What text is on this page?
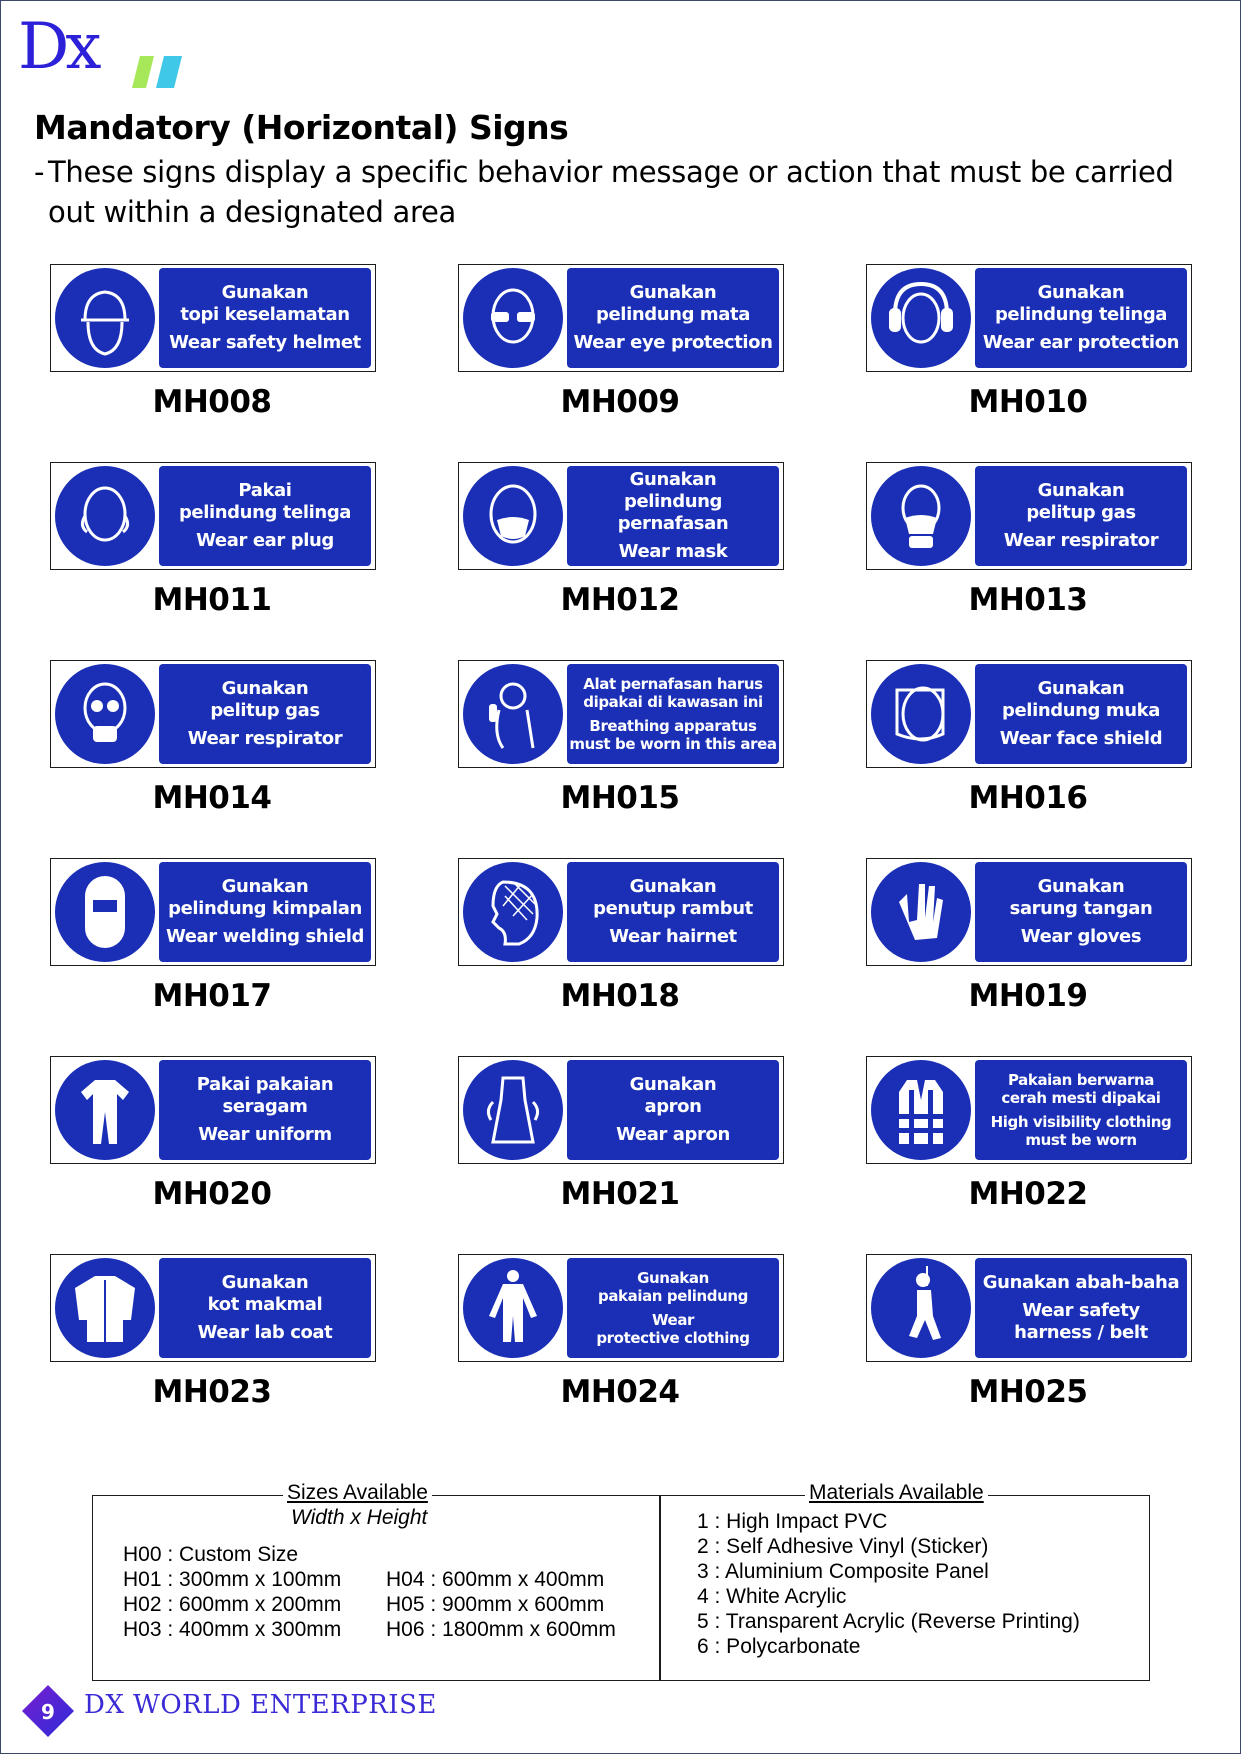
Dx
Mandatory (Horizontal) Signs
- These signs display a specific behavior message or action that must be carried out within a designated area
Gunakan
topi keselamatan
Wear safety helmet
MH008
Gunakan
pelindung mata
Wear eye protection
MH009
Gunakan
pelindung telinga
Wear ear protection
MH010
Pakai
pelindung telinga
Wear ear plug
MH011
Gunakan
pelindung pernafasan
Wear mask
MH012
Gunakan
pelitup gas
Wear respirator
MH013
Gunakan
pelitup gas
Wear respirator
MH014
Alat pernafasan harus
dipakai di kawasan ini
Breathing apparatus
must be worn in this area
MH015
Gunakan
pelindung muka
Wear face shield
MH016
Gunakan
pelindung kimpalan
Wear welding shield
MH017
Gunakan
penutup rambut
Wear hairnet
MH018
Gunakan
sarung tangan
Wear gloves
MH019
Pakai pakaian
seragam
Wear uniform
MH020
Gunakan
apron
Wear apron
MH021
Pakaian berwarna
cerah mesti dipakai
High visibility clothing
must be worn
MH022
Gunakan
kot makmal
Wear lab coat
MH023
Gunakan
pakaian pelindung
Wear
protective clothing
MH024
Gunakan abah-baha
Wear safety
harness / belt
MH025
Sizes Available	Materials Available
Width x Height
H00 : Custom Size
H01 : 300mm x 100mm
H02 : 600mm x 200mm
H03 : 400mm x 300mm
H04 : 600mm x 400mm
H05 : 900mm x 600mm
H06 : 1800mm x 600mm
1 : High Impact PVC
2 : Self Adhesive Vinyl (Sticker)
3 : Aluminium Composite Panel
4 : White Acrylic
5 : Transparent Acrylic (Reverse Printing)
6 : Polycarbonate
9 DX WORLD ENTERPRISE
